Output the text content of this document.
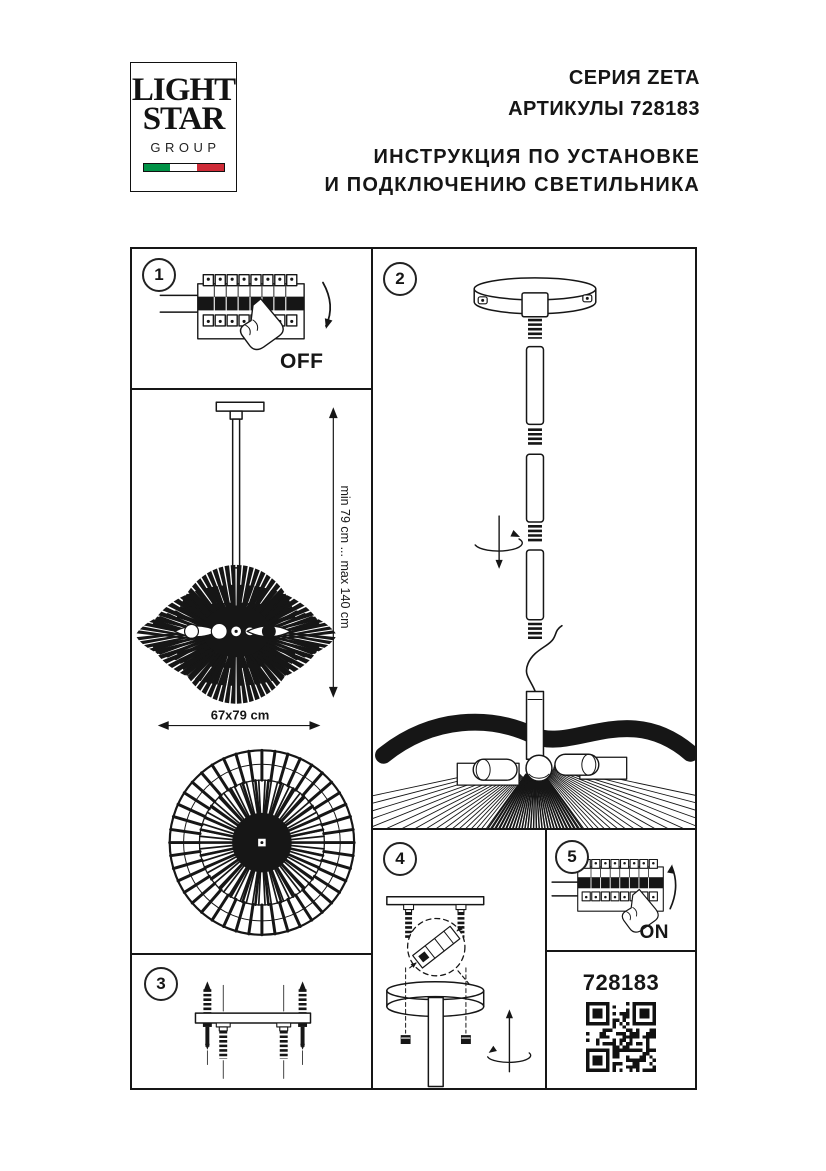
LIGHT
STAR
GROUP
СЕРИЯ ZETA
АРТИКУЛЫ 728183
ИНСТРУКЦИЯ ПО УСТАНОВКЕ
И ПОДКЛЮЧЕНИЮ СВЕТИЛЬНИКА
1
OFF
min 79 cm ... max 140 cm
67x79 cm
3
2
4	5
ON
728183
